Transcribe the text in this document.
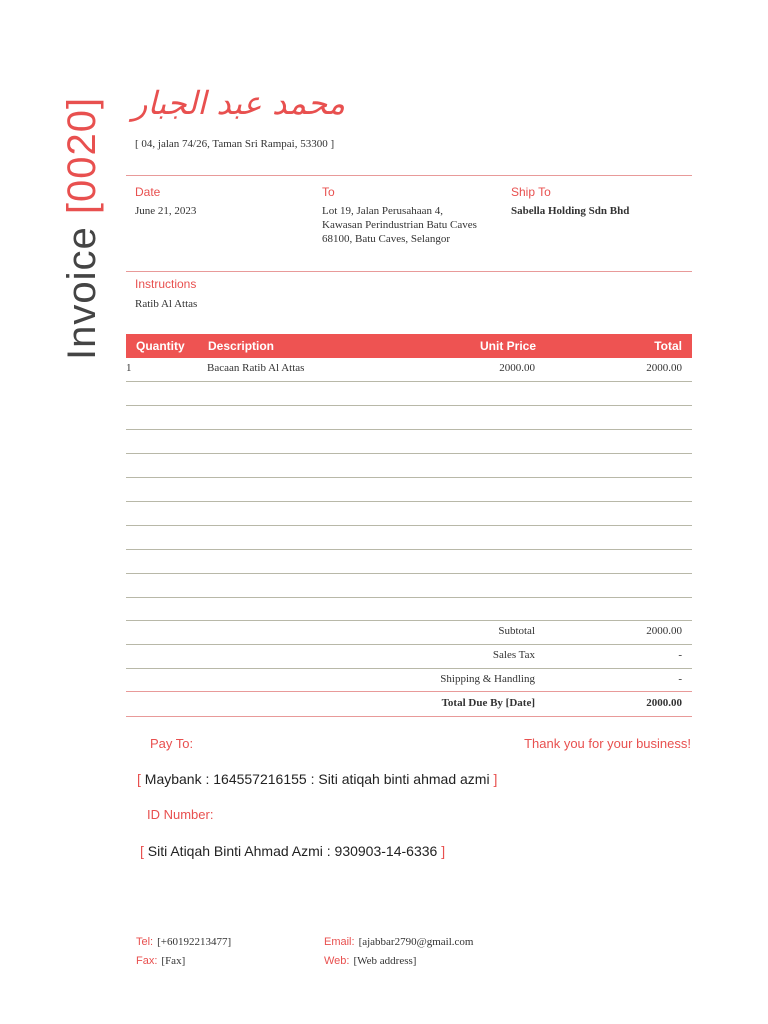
Invoice [0020] محمد عبد الجبار
[ 04, jalan 74/26, Taman Sri Rampai, 53300 ]
Date
June 21, 2023
To
Lot 19, Jalan Perusahaan 4,
Kawasan Perindustrian Batu Caves
68100, Batu Caves, Selangor
Ship To
Sabella Holding Sdn Bhd
Instructions
Ratib Al Attas
Quantity Description	Unit Price	Total
1	Bacaan Ratib Al Attas	2000.00	2000.00
Subtotal	2000.00
Sales Tax	-
Shipping & Handling	-
Total Due By [Date]	2000.00
Pay To:	Thank you for your business!
[ Maybank : 164557216155 : Siti atiqah binti ahmad azmi ]
ID Number:
[ Siti Atiqah Binti Ahmad Azmi : 930903-14-6336 ]
Tel: [+60192213477]
Fax: [Fax]
Email: [ajabbar2790@gmail.com
Web: [Web address]
